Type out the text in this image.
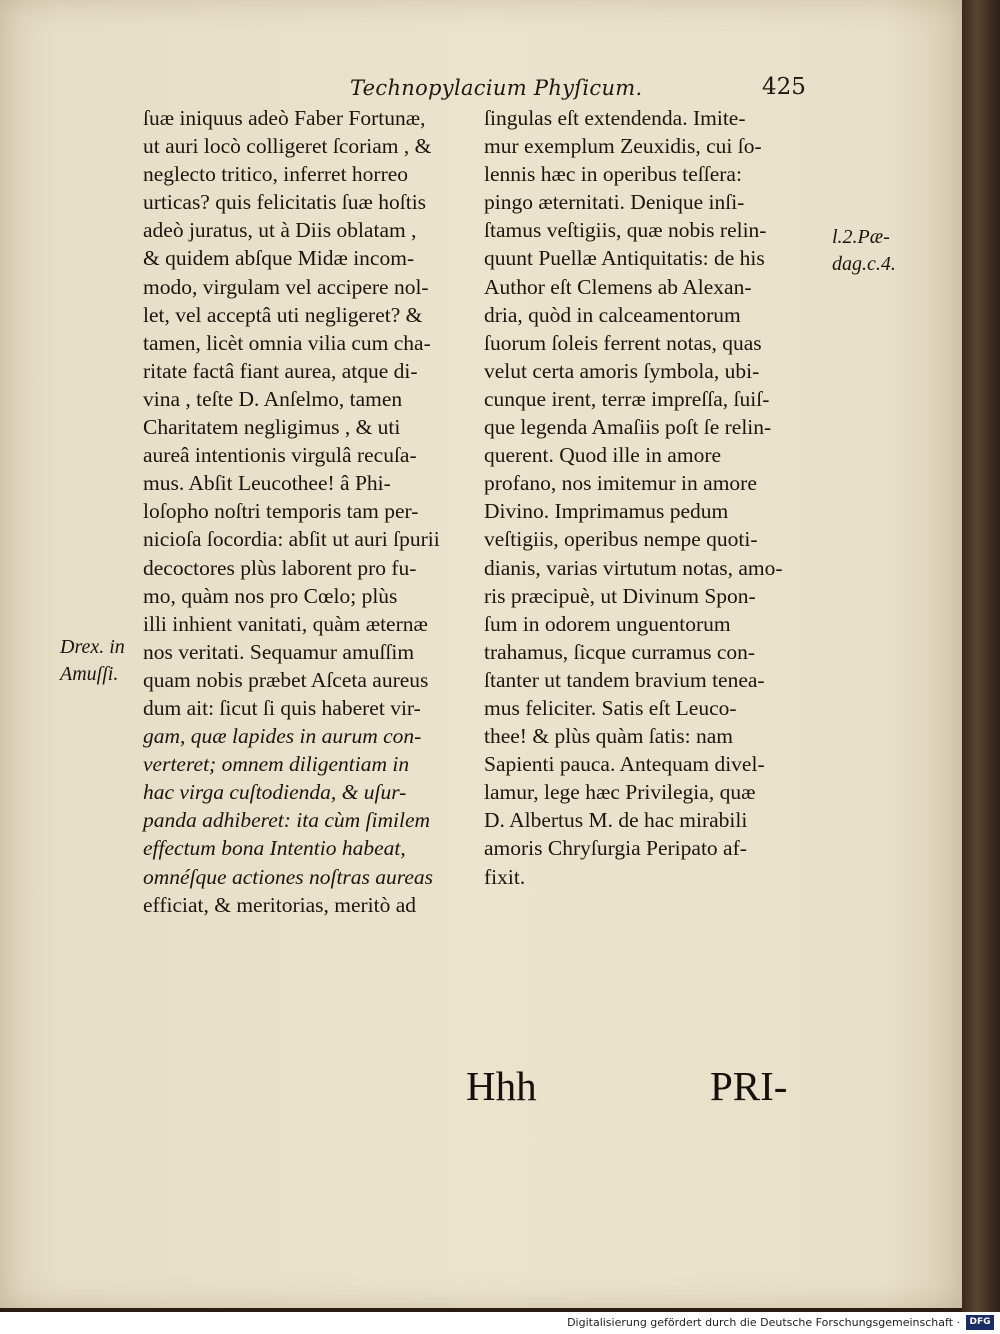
Technopylacium Phyſicum.	425
ſuæ iniquus adeò Faber Fortunæ,
ut auri locò colligeret ſcoriam , &
neglecto tritico, inferret horreo
urticas? quis felicitatis ſuæ hoſtis
adeò juratus, ut à Diis oblatam ,
& quidem abſque Midæ incom-
modo, virgulam vel accipere nol-
let, vel acceptâ uti negligeret? &
tamen, licèt omnia vilia cum cha-
ritate factâ fiant aurea, atque di-
vina , teſte D. Anſelmo, tamen
Charitatem negligimus , & uti
aureâ intentionis virgulâ recuſa-
mus. Abſit Leucothee! â Phi-
loſopho noſtri temporis tam per-
nicioſa ſocordia: abſit ut auri ſpurii
decoctores plùs laborent pro fu-
mo, quàm nos pro Cœlo; plùs
illi inhient vanitati, quàm æternæ
nos veritati. Sequamur amuſſim
quam nobis præbet Aſceta aureus
dum ait: ſicut ſi quis haberet vir-
gam, quæ lapides in aurum con-
verteret; omnem diligentiam in
hac virga cuſtodienda, & uſur-
panda adhiberet: ita cùm ſimilem
effectum bona Intentio habeat,
omnéſque actiones noſtras aureas
efficiat, & meritorias, meritò ad
ſingulas eſt extendenda. Imite-
mur exemplum Zeuxidis, cui ſo-
lennis hæc in operibus teſſera:
pingo æternitati. Denique inſi-
ſtamus veſtigiis, quæ nobis relin-
quunt Puellæ Antiquitatis: de his
Author eſt Clemens ab Alexan-
dria, quòd in calceamentorum
ſuorum ſoleis ferrent notas, quas
velut certa amoris ſymbola, ubi-
cunque irent, terræ impreſſa, ſuiſ-
que legenda Amaſiis poſt ſe relin-
querent. Quod ille in amore
profano, nos imitemur in amore
Divino. Imprimamus pedum
veſtigiis, operibus nempe quoti-
dianis, varias virtutum notas, amo-
ris præcipuè, ut Divinum Spon-
ſum in odorem unguentorum
trahamus, ſicque curramus con-
ſtanter ut tandem bravium tenea-
mus feliciter. Satis eſt Leuco-
thee! & plùs quàm ſatis: nam
Sapienti pauca. Antequam divel-
lamur, lege hæc Privilegia, quæ
D. Albertus M. de hac mirabili
amoris Chryſurgia Peripato af-
fixit.
Drex. in
Amuſſi.
l.2.Pæ-
dag.c.4.
Hhh	PRI-
Digitalisierung gefördert durch die Deutsche Forschungsgemeinschaft ·	DFG
